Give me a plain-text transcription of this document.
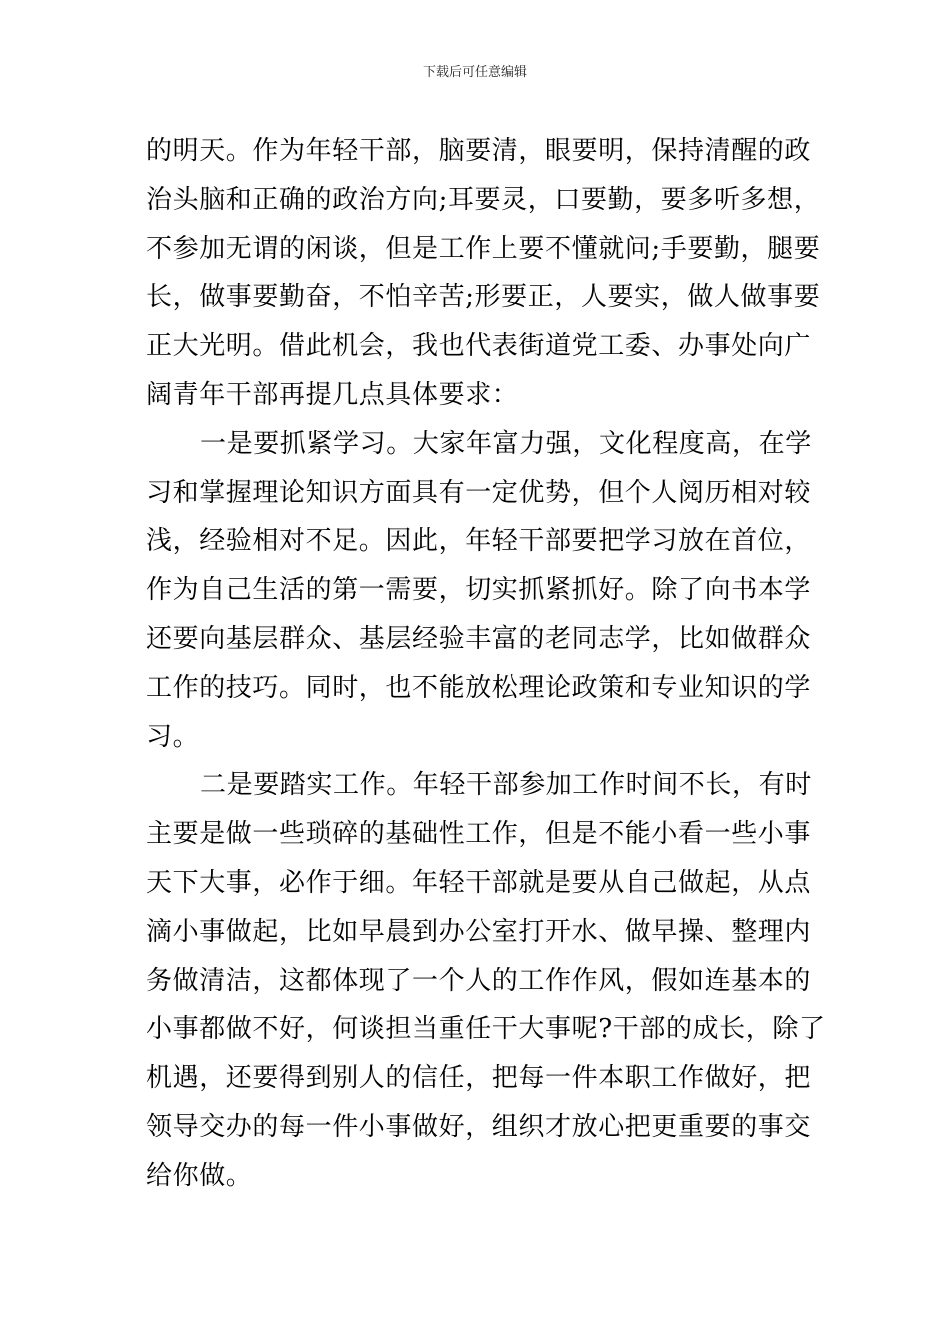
下载后可任意编辑

的明天。作为年轻干部，脑要清，眼要明，保持清醒的政
治头脑和正确的政治方向;耳要灵，口要勤，要多听多想，
不参加无谓的闲谈，但是工作上要不懂就问;手要勤，腿要
长，做事要勤奋，不怕辛苦;形要正，人要实，做人做事要
正大光明。借此机会，我也代表街道党工委、办事处向广
阔青年干部再提几点具体要求：

一是要抓紧学习。大家年富力强，文化程度高，在学
习和掌握理论知识方面具有一定优势，但个人阅历相对较
浅，经验相对不足。因此，年轻干部要把学习放在首位，
作为自己生活的第一需要，切实抓紧抓好。除了向书本学
还要向基层群众、基层经验丰富的老同志学，比如做群众
工作的技巧。同时，也不能放松理论政策和专业知识的学
习。

二是要踏实工作。年轻干部参加工作时间不长，有时
主要是做一些琐碎的基础性工作，但是不能小看一些小事
天下大事，必作于细。年轻干部就是要从自己做起，从点
滴小事做起，比如早晨到办公室打开水、做早操、整理内
务做清洁，这都体现了一个人的工作作风，假如连基本的
小事都做不好，何谈担当重任干大事呢?干部的成长，除了
机遇，还要得到别人的信任，把每一件本职工作做好，把
领导交办的每一件小事做好，组织才放心把更重要的事交
给你做。
